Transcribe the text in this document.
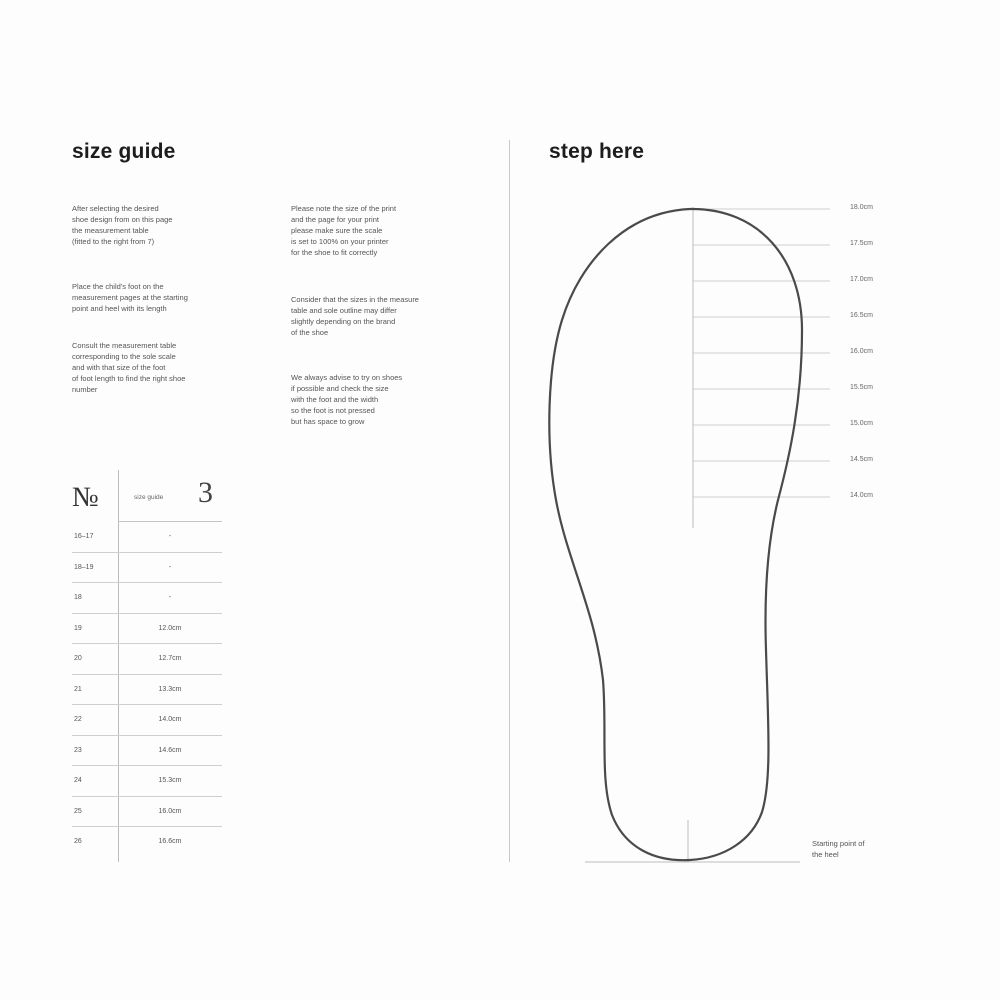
size guide
After selecting the desired
shoe design from on this page
the measurement table
(fitted to the right from 7)
Place the child's foot on the
measurement pages at the starting
point and heel with its length
Consult the measurement table
corresponding to the sole scale
and with that size of the foot
of foot length to find the right shoe
number
Please note the size of the print
and the page for your print
please make sure the scale
is set to 100% on your printer
for the shoe to fit correctly
Consider that the sizes in the measure
table and sole outline may differ
slightly depending on the brand
of the shoe
We always advise to try on shoes
if possible and check the size
with the foot and the width
so the foot is not pressed
but has space to grow
№	size guide 3
16–17	-
18–19	-
18	-
19	12.0cm
20	12.7cm
21	13.3cm
22	14.0cm
23	14.6cm
24	15.3cm
25	16.0cm
26	16.6cm
step here
18.0cm
17.5cm
17.0cm
16.5cm
16.0cm
15.5cm
15.0cm
14.5cm
14.0cm
Starting point of
the heel
